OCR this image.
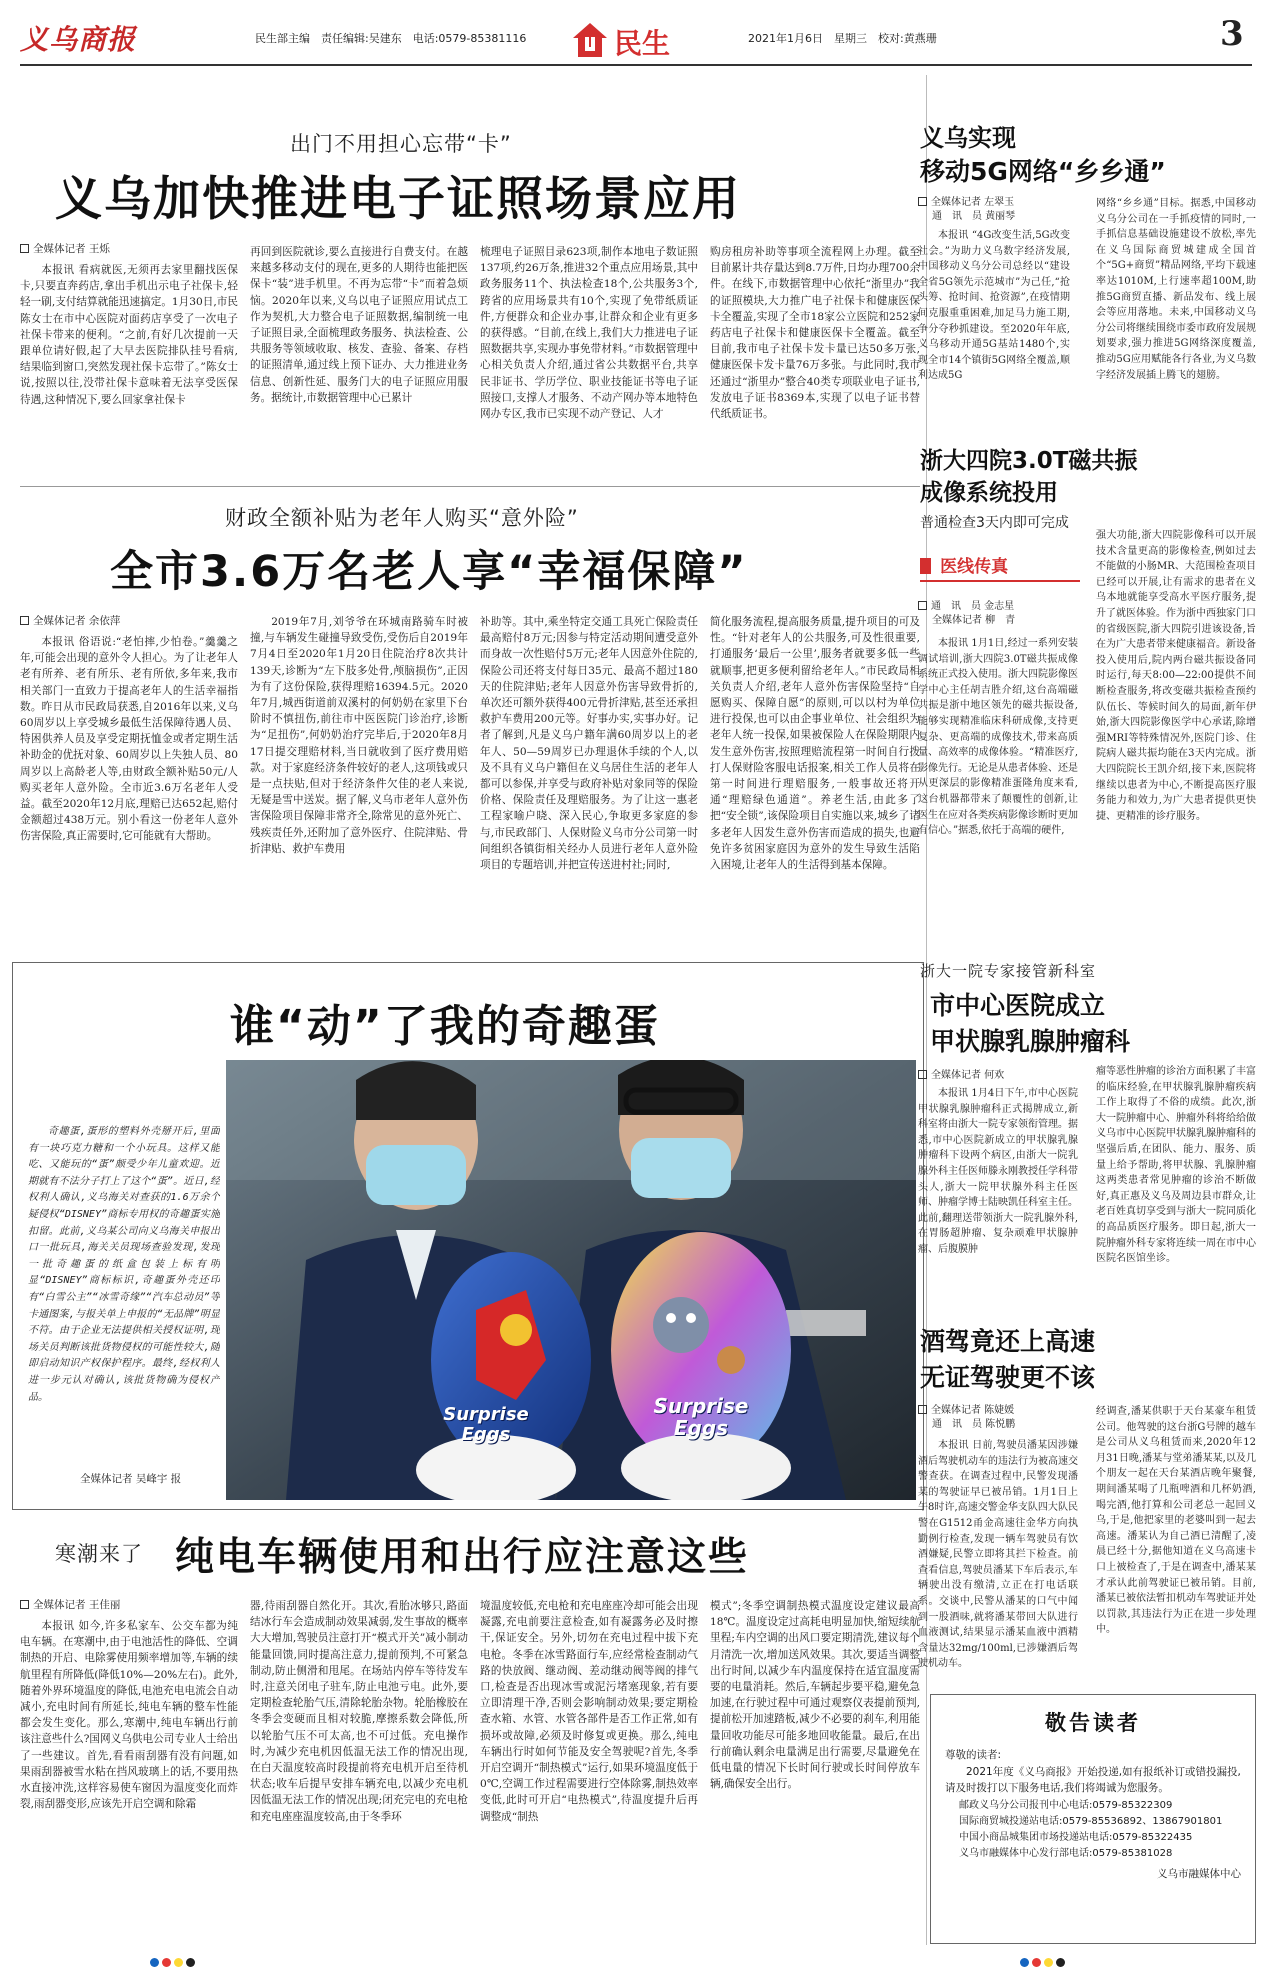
义乌商报	民生部主编　责任编辑:吴建东　电话:0579-85381116	民生	2021年1月6日　星期三　校对:黄燕珊	3
出门不用担心忘带“卡”
义乌加快推进电子证照场景应用
全媒体记者 王烁
本报讯 看病就医,无须再去家里翻找医保卡,只要直奔药店,拿出手机出示电子社保卡,轻轻一刷,支付结算就能迅速搞定。1月30日,市民陈女士在市中心医院对面药店享受了一次电子社保卡带来的便利。“之前,有好几次提前一天跟单位请好假,起了大早去医院排队挂号看病,结果临到窗口,突然发现社保卡忘带了。”陈女士说,按照以往,没带社保卡意味着无法享受医保待遇,这种情况下,要么回家拿社保卡
再回到医院就诊,要么直接进行自费支付。在越来越多移动支付的现在,更多的人期待也能把医保卡“装”进手机里。不再为忘带“卡”而着急烦恼。2020年以来,义乌以电子证照应用试点工作为契机,大力整合电子证照数据,编制统一电子证照目录,全面梳理政务服务、执法检查、公共服务等领域收取、核发、查验、备案、存档的证照清单,通过线上预下证办、大力推进业务信息、创新性延、服务门大的电子证照应用服务。据统计,市数据管理中心已累计
梳理电子证照目录623项,制作本地电子数证照137项,约26万条,推进32个重点应用场景,其中政务服务11个、执法检查18个,公共服务3个,跨省的应用场景共有10个,实现了免带纸质证件,方便群众和企业办事,让群众和企业有更多的获得感。“目前,在线上,我们大力推进电子证照数据共享,实现办事免带材料。”市数据管理中心相关负责人介绍,通过省公共数据平台,共享民非证书、学历学位、职业技能证书等电子证照接口,支撑人才服务、不动产网办等本地特色网办专区,我市已实现不动产登记、人才
购房租房补助等事项全流程网上办理。截至目前累计共存量达到8.7万件,日均办理700余件。在线下,市数据管理中心依托“浙里办”我的证照模块,大力推广电子社保卡和健康医保卡全覆盖,实现了全市18家公立医院和252家药店电子社保卡和健康医保卡全覆盖。截至目前,我市电子社保卡发卡量已达50多万张,健康医保卡发卡量76万多张。与此同时,我市还通过“浙里办”整合40类专项联业电子证书,发放电子证书8369本,实现了以电子证书替代纸质证书。
财政全额补贴为老年人购买“意外险”
全市3.6万名老人享“幸福保障”
全媒体记者 余依萍
本报讯 俗语说:“老怕摔,少怕卷。”羹羹之年,可能会出现的意外令人担心。为了让老年人老有所养、老有所乐、老有所依,多年来,我市相关部门一直致力于提高老年人的生活幸福指数。昨日从市民政局获悉,自2016年以来,义乌60周岁以上享受城乡最低生活保障待遇人员、特困供养人员及享受定期抚恤金或者定期生活补助金的优抚对象、60周岁以上失独人员、80周岁以上高龄老人等,由财政全额补贴50元/人购买老年人意外险。全市近3.6万名老年人受益。截至2020年12月底,理赔已达652起,赔付金额超过438万元。别小看这一份老年人意外伤害保险,真正需要时,它可能就有大帮助。
2019年7月,刘爷爷在环城南路骑车时被撞,与车辆发生碰撞导致受伤,受伤后自2019年7月4日至2020年1月20日住院治疗8次共计139天,诊断为“左下肢多处骨,颅脑损伤”,正因为有了这份保险,获得理赔16394.5元。2020年7月,城西街道前双溪村的何奶奶在家里下台阶时不慎扭伤,前往市中医医院门诊治疗,诊断为“足扭伤”,何奶奶治疗完毕后,于2020年8月17日提交理赔材料,当日就收到了医疗费用赔款。对于家庭经济条件较好的老人,这项钱或只是一点扶贴,但对于经济条件欠佳的老人来说,无疑是雪中送炭。据了解,义乌市老年人意外伤害保险项目保障非常齐全,除常见的意外死亡、残疾责任外,还附加了意外医疗、住院津贴、骨折津贴、救护车费用
补助等。其中,乘坐特定交通工具死亡保险责任最高赔付8万元;因参与特定活动期间遭受意外而身故一次性赔付5万元;老年人因意外住院的,保险公司还将支付每日35元、最高不超过180天的住院津贴;老年人因意外伤害导致骨折的,单次还可额外获得400元骨折津贴,甚至还承担救护车费用200元等。好事办实,实事办好。记者了解到,凡是义乌户籍年满60周岁以上的老年人、50—59周岁已办理退休手续的个人,以及不具有义乌户籍但在义乌居住生活的老年人都可以参保,并享受与政府补贴对象同等的保险价格、保险责任及理赔服务。为了让这一惠老工程家喻户晓、深入民心,争取更多家庭的参与,市民政部门、人保财险义乌市分公司第一时间组织各镇街相关经办人员进行老年人意外险项目的专题培训,并把宣传送进村社;同时,
简化服务流程,提高服务质量,提升项目的可及性。“针对老年人的公共服务,可及性很重要,打通服务‘最后一公里’,服务者就要多低一些就顺事,把更多便利留给老年人。”市民政局相关负责人介绍,老年人意外伤害保险坚持“自愿购买、保障自愿”的原则,可以以村为单位进行投保,也可以由企事业单位、社会组织为老年人统一投保,如果被保险人在保险期限内发生意外伤害,按照理赔流程第一时间自行拨打人保财险客服电话报案,相关工作人员将在第一时间进行理赔服务,一般事故还将开通“理赔绿色通道”。养老生活,由此多了把“安全锁”,该保险项目自实施以来,城乡了诸多老年人因发生意外伤害而造成的损失,也避免许多贫困家庭因为意外的发生导致生活陷入困境,让老年人的生活得到基本保障。
谁“动”了我的奇趣蛋
奇趣蛋,蛋形的塑料外壳掰开后,里面有一块巧克力糖和一个小玩具。这样又能吃、又能玩的“蛋”颇受少年儿童欢迎。近期就有不法分子打上了这个“蛋”。近日,经权利人确认,义乌海关对查获的1.6万余个疑侵权“DISNEY”商标专用权的奇趣蛋实施扣留。此前,义乌某公司向义乌海关申报出口一批玩具,海关关员现场查验发现,发现一批奇趣蛋的纸盒包装上标有明显“DISNEY”商标标识,奇趣蛋外壳还印有“白雪公主”“冰雪奇缘”“汽车总动员”等卡通图案,与报关单上申报的“无品牌”明显不符。由于企业无法提供相关授权证明,现场关员判断该批货物侵权的可能性较大,随即启动知识产权保护程序。最终,经权利人进一步元认对确认,该批货物确为侵权产品。
全媒体记者 吴峰宇 报
Surprise Eggs
Surprise Eggs
寒潮来了 纯电车辆使用和出行应注意这些
全媒体记者 王佳丽
本报讯 如今,许多私家车、公交车都为纯电车辆。在寒潮中,由于电池活性的降低、空调制热的开启、电除雾使用频率增加等,车辆的续航里程有所降低(降低10%—20%左右)。此外,随着外界环境温度的降低,电池充电电流会自动减小,充电时间有所延长,纯电车辆的整车性能都会发生变化。那么,寒潮中,纯电车辆出行前该注意些什么?国网义乌供电公司专业人士给出了一些建议。首先,看看雨刮器有没有问题,如果雨刮器被雪水粘在挡风玻璃上的话,不要用热水直接冲洗,这样容易使车窗因为温度变化而炸裂,雨刮器变形,应该先开启空调和除霜
器,待雨刮器自然化开。其次,看胎冰够只,路面结冰行车会造成制动效果减弱,发生事故的概率大大增加,驾驶员注意打开“模式开关”减小制动能量回馈,同时提高注意力,提前预判,不可紧急制动,防止侧滑和甩尾。在场站内停车等待发车时,注意关闭电子驻车,防止电池亏电。此外,要定期检查轮胎气压,清除轮胎杂物。轮胎橡胶在冬季会变硬而且相对较脆,摩擦系数会降低,所以轮胎气压不可太高,也不可过低。充电操作时,为减少充电机因低温无法工作的情况出现,在白天温度较高时段提前将充电机开启至待机状态;收车后提早安排车辆充电,以减少充电机因低温无法工作的情况出现;闭充完电的充电枪和充电座座温度较高,由于冬季环
境温度较低,充电枪和充电座座冷却可能会出现凝露,充电前要注意检查,如有凝露务必及时擦干,保证安全。另外,切勿在充电过程中拔下充电枪。冬季在冰雪路面行车,应经常检查制动气路的快放阀、继动阀、差动继动阀等阀的排气口,检查是否出现冰雪或泥污堵塞现象,若有要立即清理干净,否则会影响制动效果;要定期检查水箱、水管、水管各部件是否工作正常,如有损坏或故障,必须及时修复或更换。那么,纯电车辆出行时如何节能及安全驾驶呢?首先,冬季开启空调开“制热模式”运行,如果环境温度低于0℃,空调工作过程需要进行空体除雾,制热效率变低,此时可开启“电热模式”,待温度提升后再调整成“制热
模式”;冬季空调制热模式温度设定建议最高18℃。温度设定过高耗电明显加快,缩短续航里程;车内空调的出风口要定期清洗,建议每个月清洗一次,增加送风效果。其次,要适当调整出行时间,以减少车内温度保持在适宜温度需要的电量消耗。然后,车辆起步要平稳,避免急加速,在行驶过程中可通过观察仪表提前预判,提前松开加速踏板,减少不必要的刹车,利用能量回收功能尽可能多地回收能量。最后,在出行前确认剩余电量满足出行需要,尽量避免在低电量的情况下长时间行驶或长时间停放车辆,确保安全出行。
义乌实现
移动5G网络“乡乡通”
全媒体记者 左翠玉
通　讯　员 黄丽琴
本报讯 “4G改变生活,5G改变社会。”为助力义乌数字经济发展,中国移动义乌分公司总经以“建设全省5G领先示范城市”为己任,“抢头筹、抢时间、抢资源”,在疫情期间克服重重困难,加足马力施工期,争分夺秒抓建设。至2020年年底,义乌移动开通5G基站1480个,实现全市14个镇街5G网络全覆盖,顺利达成5G
网络“乡乡通”目标。据悉,中国移动义乌分公司在一手抓疫情的同时,一手抓信息基础设施建设不放松,率先在义乌国际商贸城建成全国首个“5G+商贸”精品网络,平均下载速率达1010M,上行速率超100M,助推5G商贸直播、新品发布、线上展会等应用落地。未来,中国移动义乌分公司将继续围绕市委市政府发展规划要求,强力推进5G网络深度覆盖,推动5G应用赋能各行各业,为义乌数字经济发展插上腾飞的翅膀。
浙大四院3.0T磁共振
成像系统投用
普通检查3天内即可完成
医线传真
通　讯　员 金志星
全媒体记者 柳　青
本报讯 1月1日,经过一系列安装调试培训,浙大四院3.0T磁共振成像系统正式投入使用。浙大四院影像医学中心主任胡吉胜介绍,这台高端磁共振是浙中地区领先的磁共振设备,能够实现精准临床科研成像,支持更复杂、更高端的成像技术,带来高质量、高效率的成像体验。“精准医疗,影像先行。无论是从患者体验、还是从更深层的影像精准蛋隆角度来看,这台机器都带来了颠覆性的创新,让医生在应对各类疾病影像诊断时更加有信心。”据悉,依托于高端的硬件,
强大功能,浙大四院影像科可以开展技术含量更高的影像检查,例如过去不能做的小肠MR、大范围检查项目已经可以开展,让有需求的患者在义乌本地就能享受高水平医疗服务,提升了就医体验。作为浙中西独家门口的省级医院,浙大四院引进该设备,旨在为广大患者带来健康福音。新设备投入使用后,院内两台磁共振设备同时运行,每天8:00—22:00提供不间断检查服务,将改变磁共振检查预约队伍长、等候时间久的局面,新年伊始,浙大四院影像医学中心承诺,除增强MRI等特殊情况外,医院门诊、住院病人磁共振均能在3天内完成。浙大四院院长王凯介绍,接下来,医院将继续以患者为中心,不断提高医疗服务能力和效力,为广大患者提供更快捷、更精准的诊疗服务。
浙大一院专家接管新科室
市中心医院成立
甲状腺乳腺肿瘤科
全媒体记者 何欢
本报讯 1月4日下午,市中心医院甲状腺乳腺肿瘤科正式揭牌成立,新科室将由浙大一院专家领衔管理。据悉,市中心医院新成立的甲状腺乳腺肿瘤科下设两个病区,由浙大一院乳腺外科主任医师滕永刚教授任学科带头人,浙大一院甲状腺外科主任医师、肿瘤学博士陆映凯任科室主任。此前,翻理送带领浙大一院乳腺外科,在胃肠超肿瘤、复杂顽难甲状腺肿瘤、后腹膜肿
瘤等恶性肿瘤的诊治方面积累了丰富的临床经验,在甲状腺乳腺肿瘤疾病工作上取得了不俗的成绩。此次,浙大一院肿瘤中心、肿瘤外科将给给做义乌市中心医院甲状腺乳腺肿瘤科的坚强后盾,在团队、能力、服务、质量上给予帮助,将甲状腺、乳腺肿瘤这两类患者常见肿瘤的诊治不断做好,真正惠及义乌及周边县市群众,让老百姓真切享受到与浙大一院同质化的高品质医疗服务。即日起,浙大一院肿瘤外科专家将连续一周在市中心医院名医馆坐诊。
酒驾竟还上高速
无证驾驶更不该
全媒体记者 陈婕媛
通　讯　员 陈悦鹏
本报讯 日前,驾驶员潘某因涉嫌酒后驾驶机动车的违法行为被高速交警查获。在调查过程中,民警发现潘某的驾驶证早已被吊销。1月1日上午8时许,高速交警金华支队四大队民警在G1512甬金高速往金华方向执勤例行检查,发现一辆车驾驶员有饮酒嫌疑,民警立即将其拦下检查。前查看信息,驾驶员潘某下车后表示,车辆驶出没有缴清,立正在打电话联系。交谈中,民警从潘某的口气中闻到一股酒味,就将潘某带回大队进行血液测试,结果显示潘某血液中酒精含量达32mg/100ml,已涉嫌酒后驾驶机动车。
经调查,潘某供职于天台某豪车租赁公司。他驾驶的这台浙G号牌的越车是公司从义乌租赁而来,2020年12月31日晚,潘某与堂弟潘某某,以及几个朋友一起在天台某酒店晚年聚餐,期间潘某喝了几瓶啤酒和几杯奶酒,喝完酒,他打算和公司老总一起回义乌,于是,他把家里的老婆叫到一起去高速。潘某认为自己酒已清醒了,凌晨已经十分,据他知道在义乌高速卡口上被检查了,于是在调查中,潘某某才承认此前驾驶证已被吊销。目前,潘某已被依法暂扣机动车驾驶证并处以罚款,其违法行为正在进一步处理中。
敬告读者
尊敬的读者:
2021年度《义乌商报》开始投递,如有报纸补订或错投漏投,请及时拨打以下服务电话,我们将竭诚为您服务。
邮政义乌分公司报刊中心电话:0579-85322309
国际商贸城投递站电话:0579-85536892、13867901801
中国小商品城集团市场投递站电话:0579-85322435
义乌市融媒体中心发行部电话:0579-85381028
义乌市融媒体中心
